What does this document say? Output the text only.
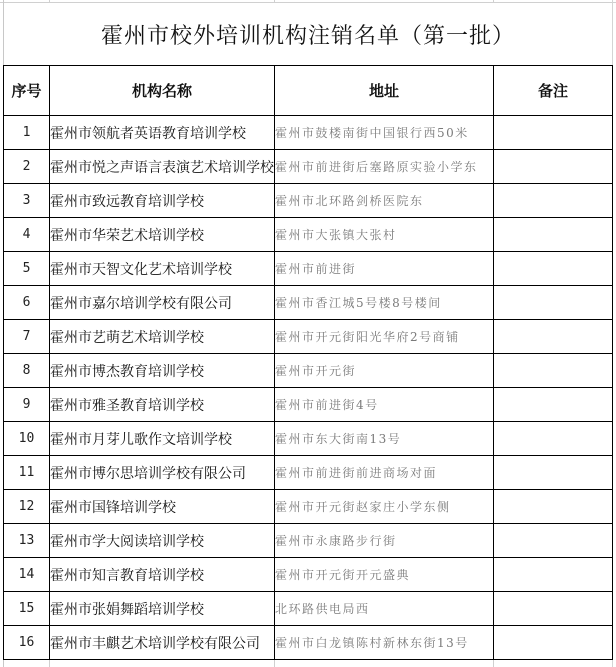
霍州市校外培训机构注销名单（第一批）
序号	机构名称	地址	备注
1	霍州市领航者英语教育培训学校	霍州市鼓楼南街中国银行西50米	
2	霍州市悦之声语言表演艺术培训学校	霍州市前进街后塞路原实验小学东	
3	霍州市致远教育培训学校	霍州市北环路剑桥医院东	
4	霍州市华荣艺术培训学校	霍州市大张镇大张村	
5	霍州市天智文化艺术培训学校	霍州市前进街	
6	霍州市嘉尔培训学校有限公司	霍州市香江城5号楼8号楼间	
7	霍州市艺萌艺术培训学校	霍州市开元街阳光华府2号商铺	
8	霍州市博杰教育培训学校	霍州市开元街	
9	霍州市雅圣教育培训学校	霍州市前进街4号	
10	霍州市月芽儿歌作文培训学校	霍州市东大街南13号	
11	霍州市博尔思培训学校有限公司	霍州市前进街前进商场对面	
12	霍州市国锋培训学校	霍州市开元街赵家庄小学东侧	
13	霍州市学大阅读培训学校	霍州市永康路步行街	
14	霍州市知言教育培训学校	霍州市开元街开元盛典	
15	霍州市张娟舞蹈培训学校	北环路供电局西	
16	霍州市丰麒艺术培训学校有限公司	霍州市白龙镇陈村新林东街13号	
